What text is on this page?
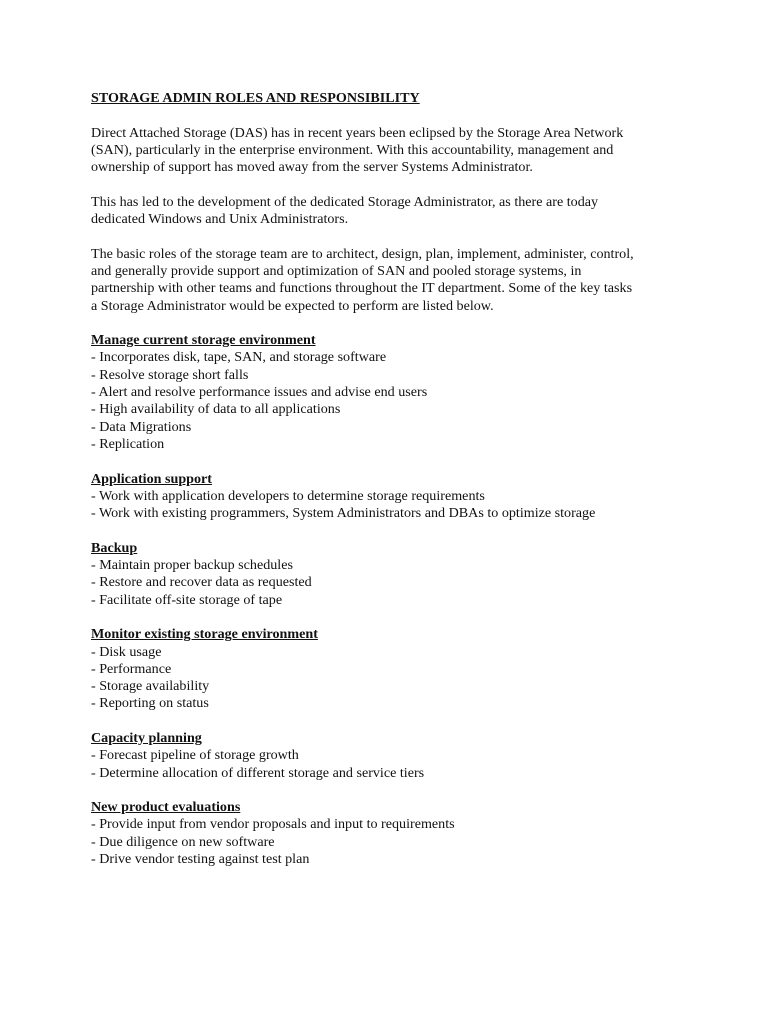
STORAGE ADMIN ROLES AND RESPONSIBILITY

Direct Attached Storage (DAS) has in recent years been eclipsed by the Storage Area Network
(SAN), particularly in the enterprise environment. With this accountability, management and
ownership of support has moved away from the server Systems Administrator.

This has led to the development of the dedicated Storage Administrator, as there are today
dedicated Windows and Unix Administrators.

The basic roles of the storage team are to architect, design, plan, implement, administer, control,
and generally provide support and optimization of SAN and pooled storage systems, in
partnership with other teams and functions throughout the IT department. Some of the key tasks
a Storage Administrator would be expected to perform are listed below.

Manage current storage environment

- Incorporates disk, tape, SAN, and storage software
- Resolve storage short falls
- Alert and resolve performance issues and advise end users
- High availability of data to all applications
- Data Migrations
- Replication

Application support

- Work with application developers to determine storage requirements
- Work with existing programmers, System Administrators and DBAs to optimize storage

Backup

- Maintain proper backup schedules
- Restore and recover data as requested
- Facilitate off-site storage of tape

Monitor existing storage environment

- Disk usage
- Performance
- Storage availability
- Reporting on status

Capacity planning

- Forecast pipeline of storage growth
- Determine allocation of different storage and service tiers

New product evaluations

- Provide input from vendor proposals and input to requirements
- Due diligence on new software
- Drive vendor testing against test plan
